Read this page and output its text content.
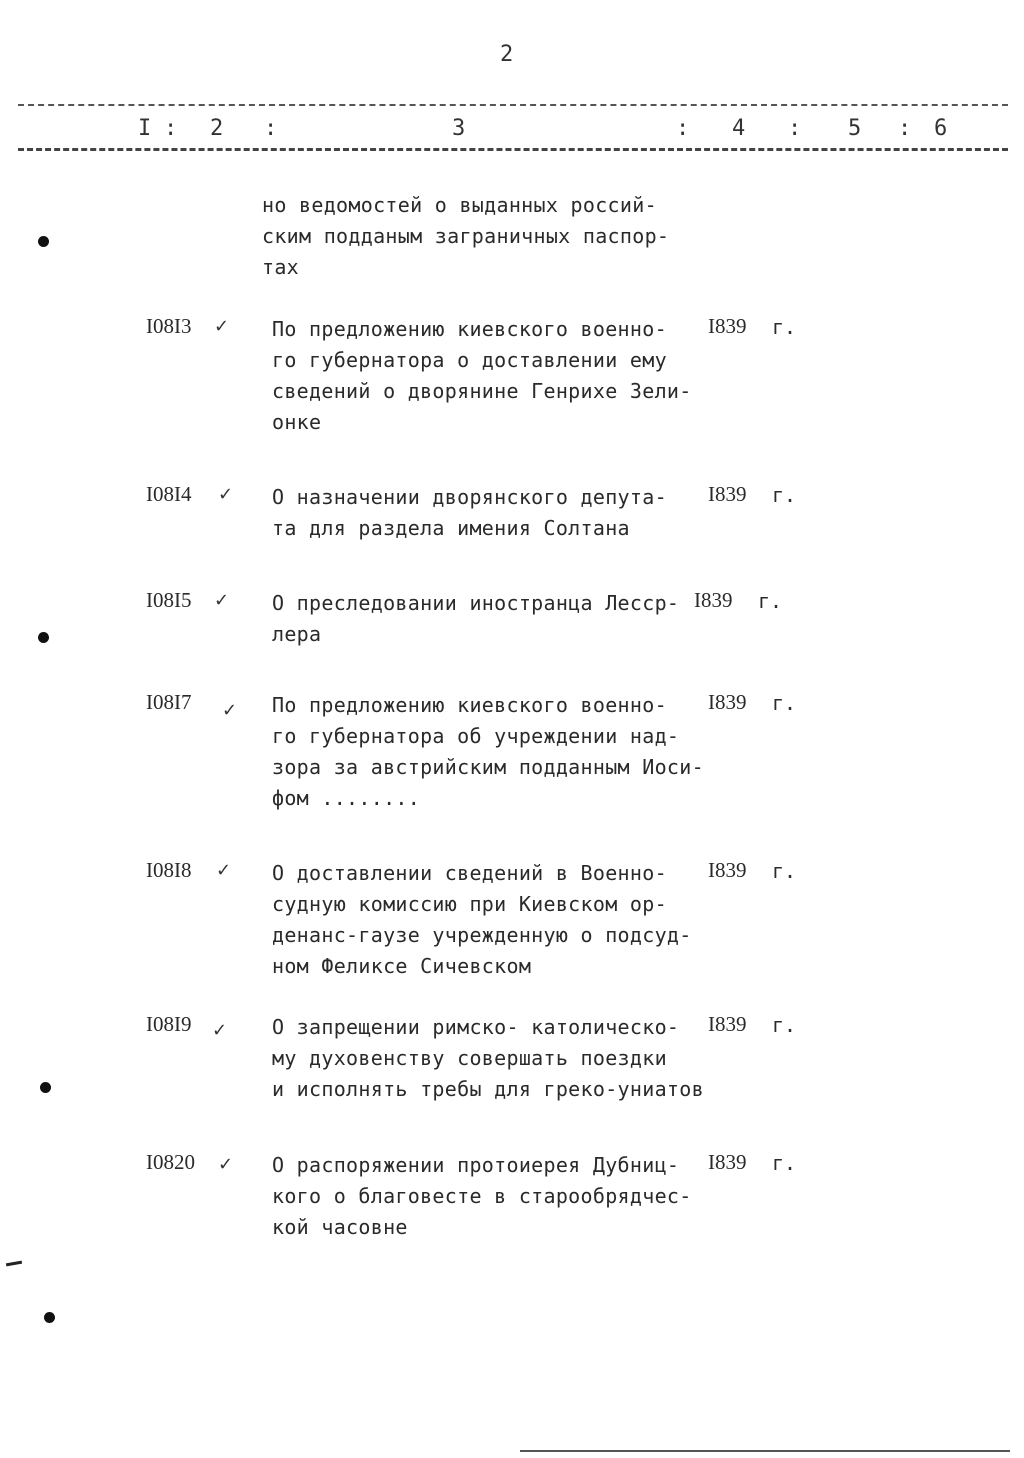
2
I : 2 :	3	: 4 : 5 : 6
но ведомостей о выданных россий-
ским подданым заграничных паспор-
тах
I08I3 ✓ По предложению киевского военно-
го губернатора о доставлении ему
сведений о дворянине Генрихе Зели-
онке
I839 г.
I08I4 ✓ О назначении дворянского депута-
та для раздела имения Солтана
I839 г.
I08I5 ✓ О преследовании иностранца Лесср-
лера
I839 г.
I08I7 ✓ По предложению киевского военно-
го губернатора об учреждении над-
зора за австрийским подданным Иоси-
фом ........
I839 г.
I08I8 ✓ О доставлении сведений в Военно-
судную комиссию при Киевском ор-
денанс-гаузе учрежденную о подсуд-
ном Феликсе Сичевском
I839 г.
I08I9 ✓ О запрещении римско- католическо-
му духовенству совершать поездки
и исполнять требы для греко-униатов
I839 г.
I0820 ✓ О распоряжении протоиерея Дубниц-
кого о благовесте в старообрядчес-
кой часовне
I839 г.
